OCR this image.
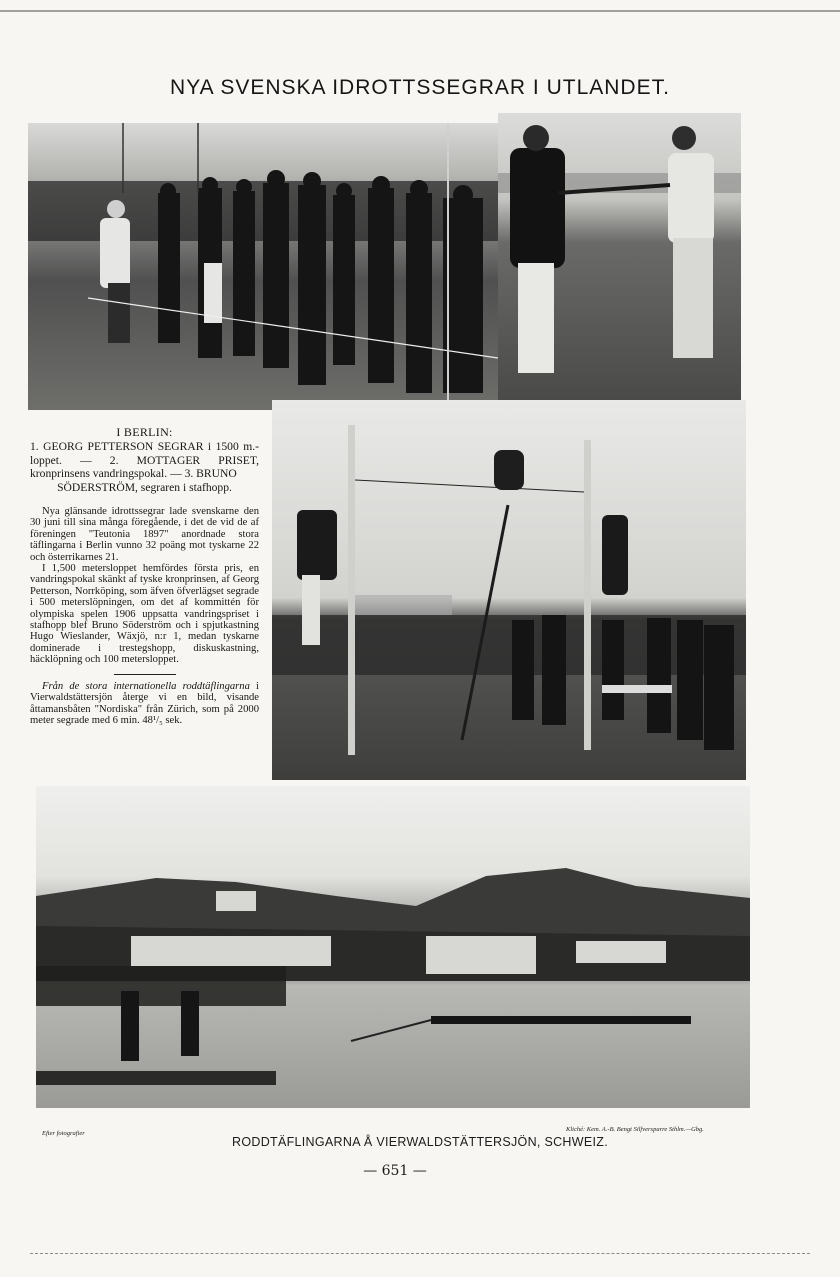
NYA SVENSKA IDROTTSSEGRAR I UTLANDET.
I BERLIN:

1. GEORG PETTERSON SEGRAR i 1500 m.-loppet. — 2. MOTTAGER PRISET, kronprinsens vandringspokal. — 3. BRUNO
SÖDERSTRÖM, segraren i stafhopp.

Nya glänsande idrottssegrar lade svenskarne den 30 juni till sina många föregående, i det de vid de af föreningen "Teutonia 1897" anordnade stora täflingarna i Berlin vunno 32 poäng mot tyskarne 22 och österrikarnes 21.

I 1,500 metersloppet hemfördes första pris, en vandringspokal skänkt af tyske kronprinsen, af Georg Petterson, Norrköping, som äfven öfverlägset segrade i 500 meterslöpningen, om det af kommittén för olympiska spelen 1906 uppsatta vandringspriset i stafhopp blef Bruno Söderström och i spjutkastning Hugo Wieslander, Wäxjö, n:r 1, medan tyskarne dominerade i trestegshopp, diskuskastning, häcklöpning och 100 metersloppet.

Från de stora internationella roddtäflingarna i Vierwaldstättersjön återge vi en bild, visande åttamansbåten "Nordiska" från Zürich, som på 2000 meter segrade med 6 min. 48¹/₅ sek.

Efter fotografier
Kliché: Kem. A.-B. Bengt Silfversparre Sthlm.—Gbg.
RODDTÄFLINGARNA Å VIERWALDSTÄTTERSJÖN, SCHWEIZ.
— 651 —
